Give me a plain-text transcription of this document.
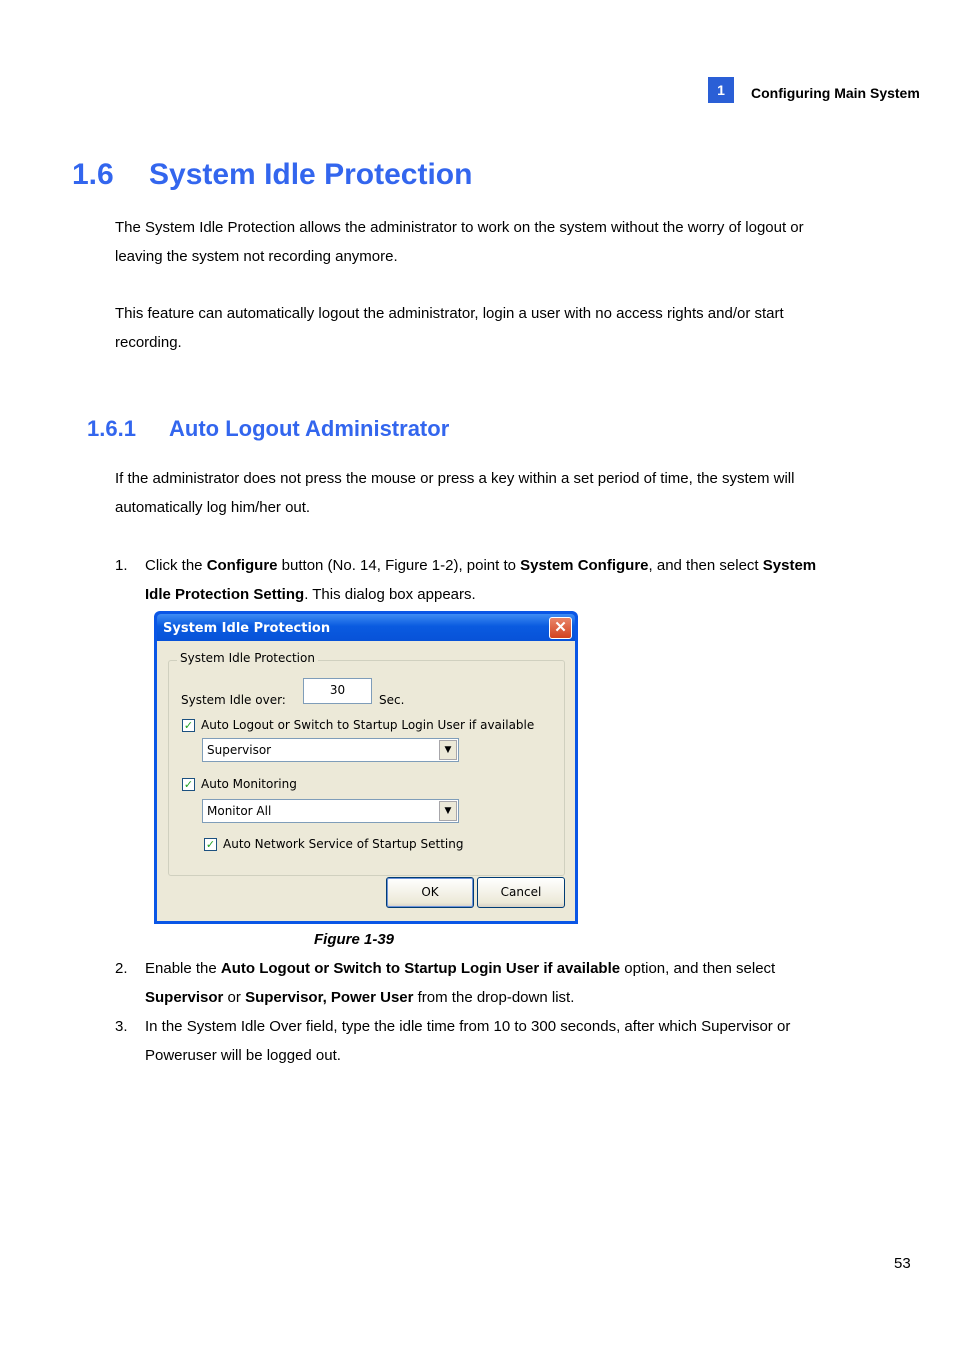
1	Configuring Main System
1.6 System Idle Protection

The System Idle Protection allows the administrator to work on the system without the worry of logout or leaving the system not recording anymore.

This feature can automatically logout the administrator, login a user with no access rights and/or start recording.

1.6.1 Auto Logout Administrator

If the administrator does not press the mouse or press a key within a set period of time, the system will automatically log him/her out.

1. Click the Configure button (No. 14, Figure 1-2), point to System Configure, and then select System Idle Protection Setting. This dialog box appears.
System Idle Protection	✕
System Idle Protection
System Idle over:
30
Sec.
✓ Auto Logout or Switch to Startup Login User if available
Supervisor	▼
✓ Auto Monitoring
Monitor All	▼
✓ Auto Network Service of Startup Setting
OK	Cancel
Figure 1-39
2. Enable the Auto Logout or Switch to Startup Login User if available option, and then select Supervisor or Supervisor, Power User from the drop-down list.
3. In the System Idle Over field, type the idle time from 10 to 300 seconds, after which Supervisor or Poweruser will be logged out.
53
